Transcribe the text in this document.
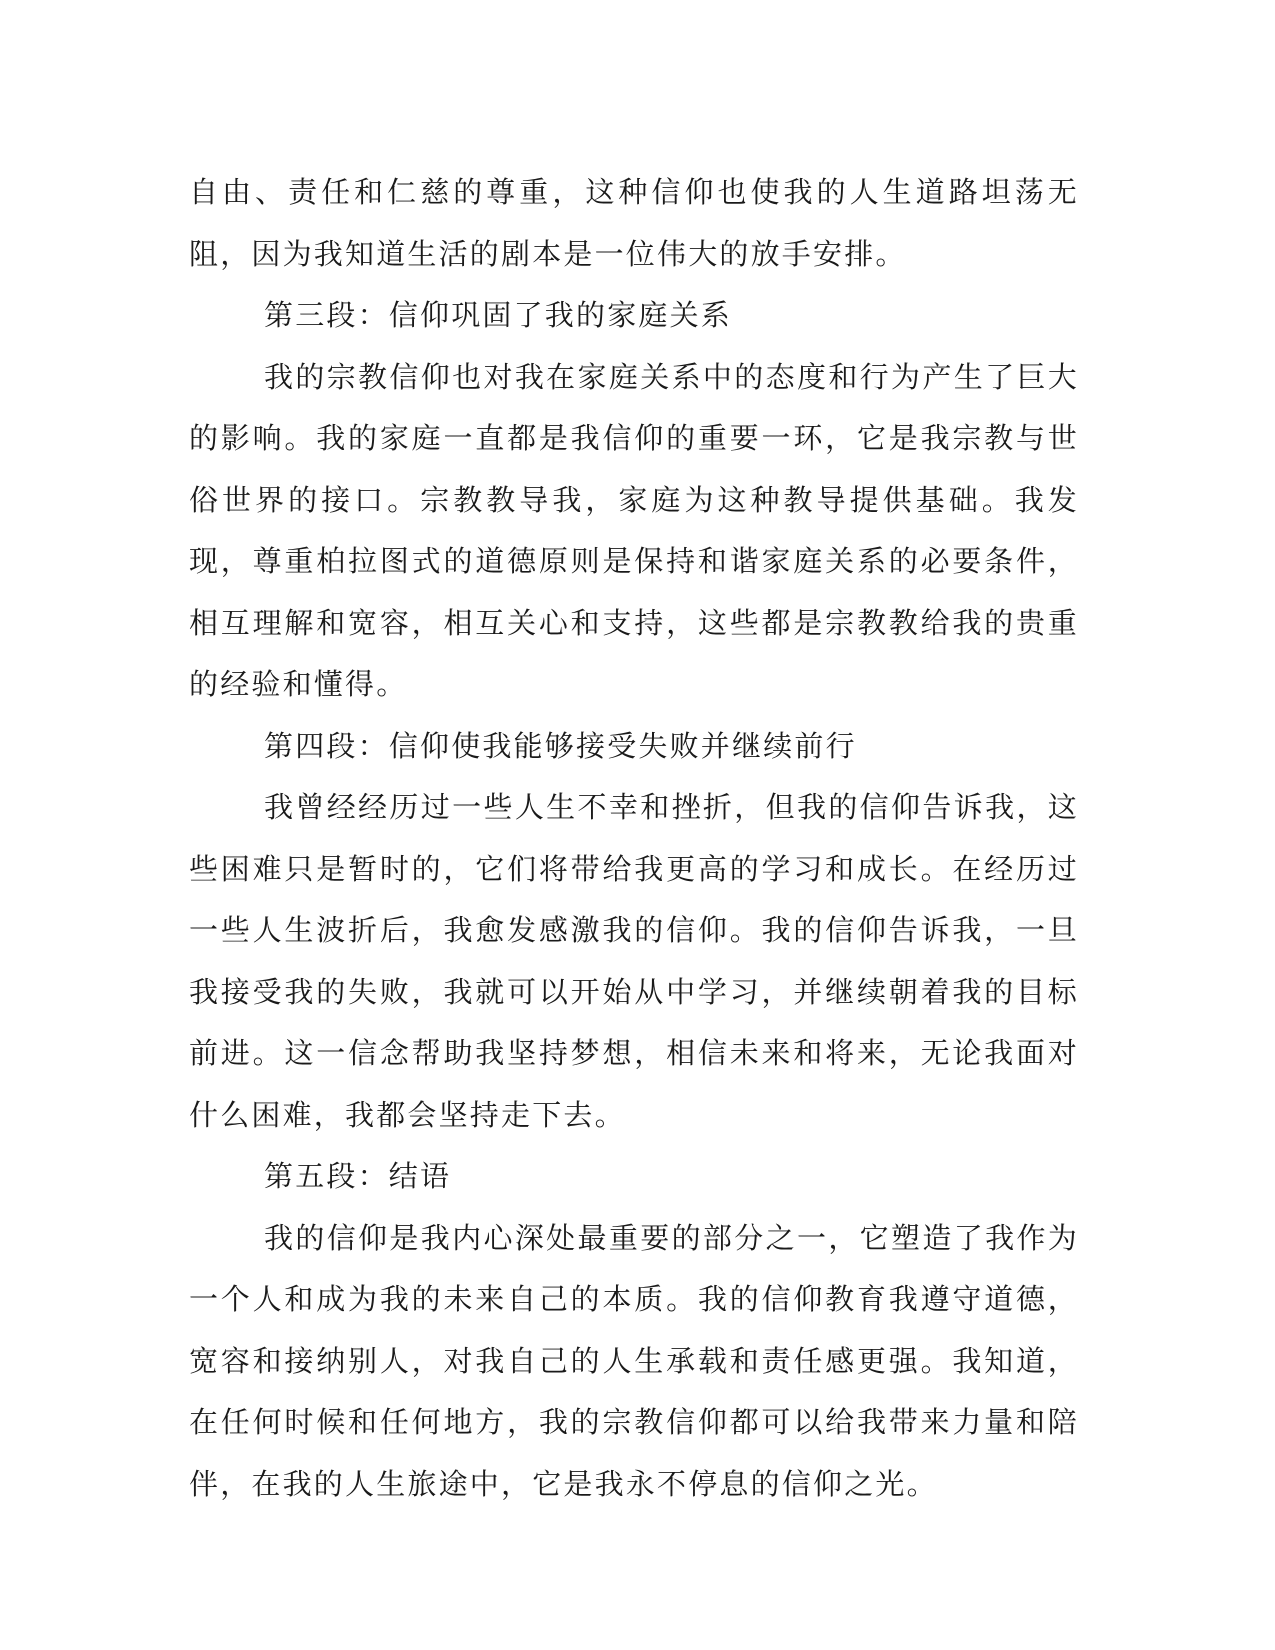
自由、责任和仁慈的尊重，这种信仰也使我的人生道路坦荡无阻，因为我知道生活的剧本是一位伟大的放手安排。

第三段：信仰巩固了我的家庭关系

我的宗教信仰也对我在家庭关系中的态度和行为产生了巨大的影响。我的家庭一直都是我信仰的重要一环，它是我宗教与世俗世界的接口。宗教教导我，家庭为这种教导提供基础。我发现，尊重柏拉图式的道德原则是保持和谐家庭关系的必要条件，相互理解和宽容，相互关心和支持，这些都是宗教教给我的贵重的经验和懂得。

第四段：信仰使我能够接受失败并继续前行

我曾经经历过一些人生不幸和挫折，但我的信仰告诉我，这些困难只是暂时的，它们将带给我更高的学习和成长。在经历过一些人生波折后，我愈发感激我的信仰。我的信仰告诉我，一旦我接受我的失败，我就可以开始从中学习，并继续朝着我的目标前进。这一信念帮助我坚持梦想，相信未来和将来，无论我面对什么困难，我都会坚持走下去。

第五段：结语

我的信仰是我内心深处最重要的部分之一，它塑造了我作为一个人和成为我的未来自己的本质。我的信仰教育我遵守道德，宽容和接纳别人，对我自己的人生承载和责任感更强。我知道，在任何时候和任何地方，我的宗教信仰都可以给我带来力量和陪伴，在我的人生旅途中，它是我永不停息的信仰之光。
